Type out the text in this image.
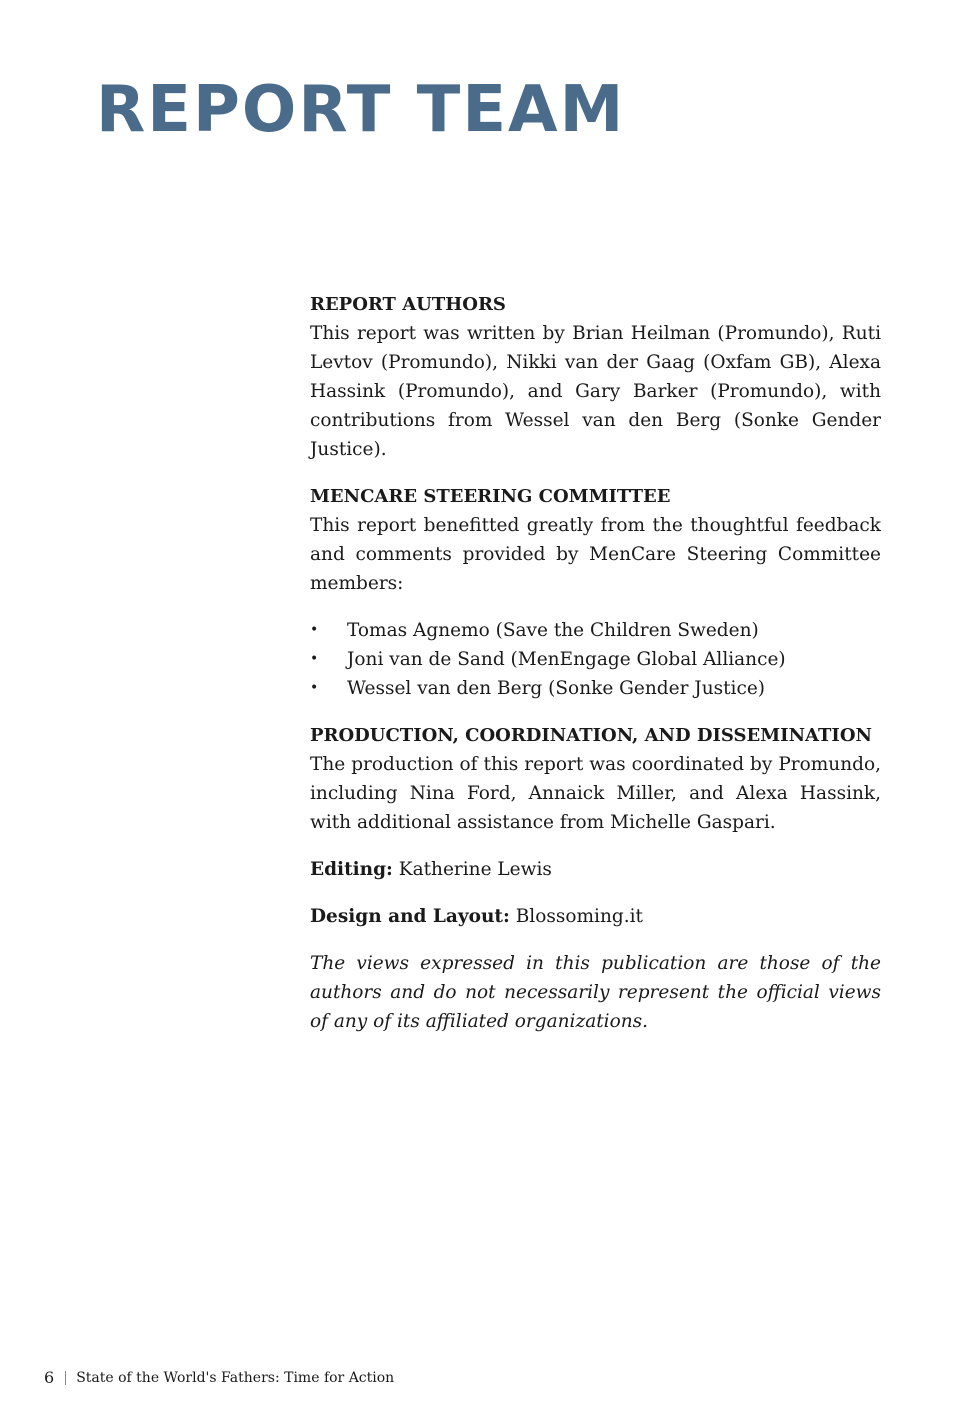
REPORT TEAM
REPORT AUTHORS

This report was written by Brian Heilman (Promundo), Ruti Levtov (Promundo), Nikki van der Gaag (Oxfam GB), Alexa Hassink (Promundo), and Gary Barker (Promundo), with contributions from Wessel van den Berg (Sonke Gender Justice).

MENCARE STEERING COMMITTEE

This report benefitted greatly from the thoughtful feedback and comments provided by MenCare Steering Committee members:

• Tomas Agnemo (Save the Children Sweden)
• Joni van de Sand (MenEngage Global Alliance)
• Wessel van den Berg (Sonke Gender Justice)
PRODUCTION, COORDINATION, AND DISSEMINATION

The production of this report was coordinated by Promundo, including Nina Ford, Annaick Miller, and Alexa Hassink, with additional assistance from Michelle Gaspari.

Editing: Katherine Lewis
Design and Layout: Blossoming.it

The views expressed in this publication are those of the authors and do not necessarily represent the official views of any of its affiliated organizations.

6 State of the World's Fathers: Time for Action
